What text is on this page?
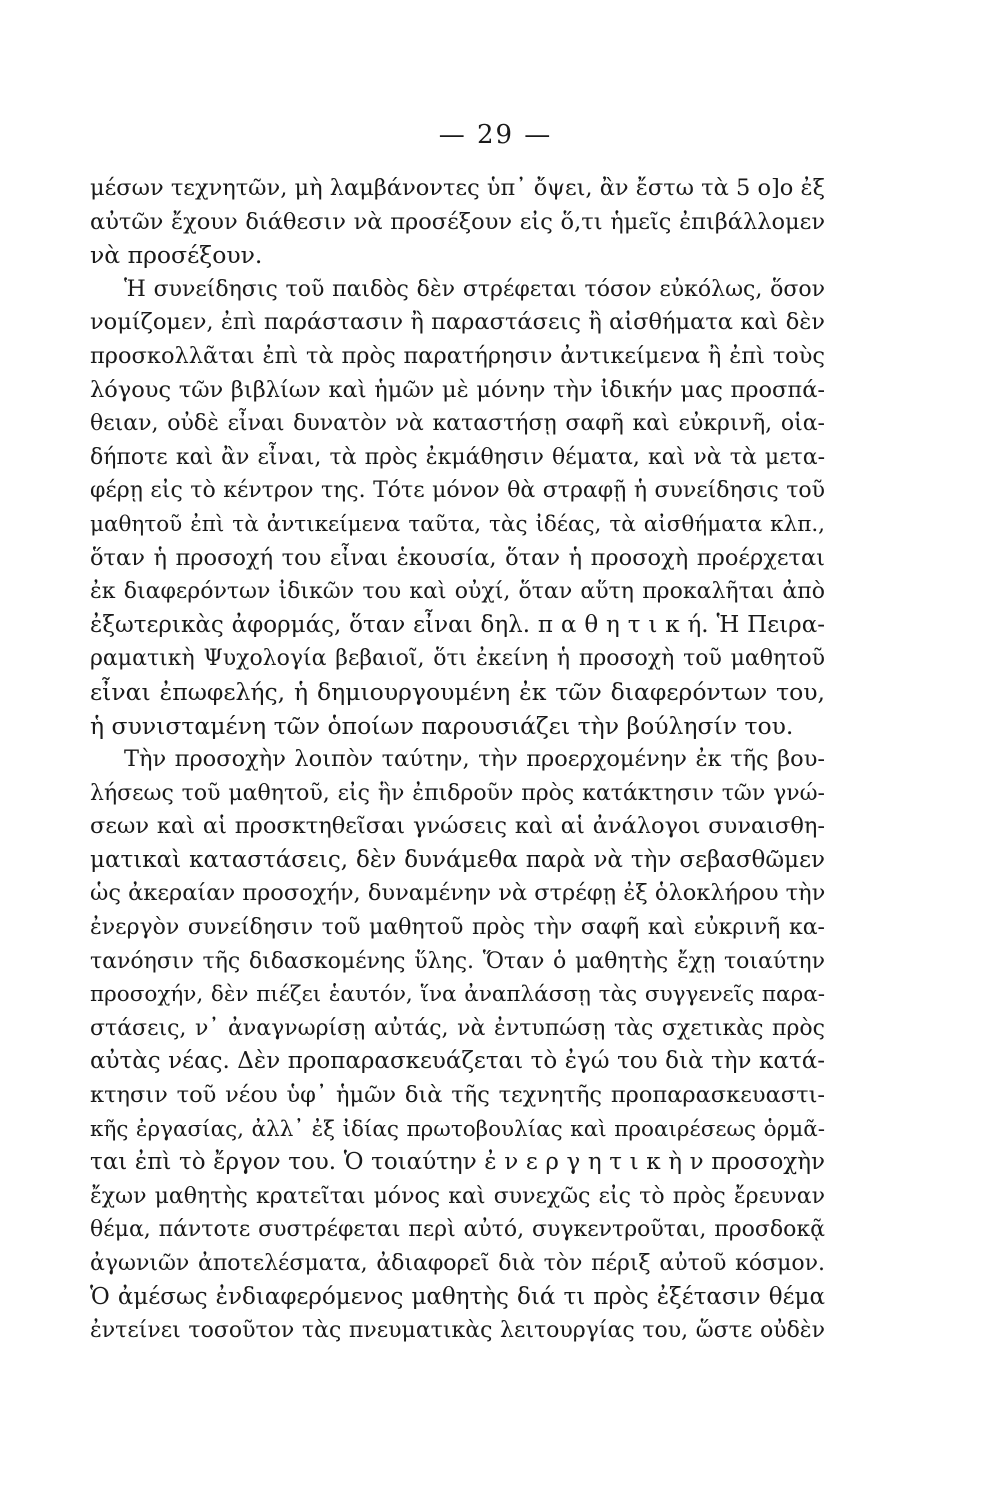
— 29 —
μέσων τεχνητῶν, μὴ λαμβάνοντες ὑπ᾽ ὄψει, ἂν ἔστω τὰ 5 ο]ο ἐξ
αὐτῶν ἔχουν διάθεσιν νὰ προσέξουν εἰς ὅ,τι ἡμεῖς ἐπιβάλλομεν
νὰ προσέξουν.
Ἡ συνείδησις τοῦ παιδὸς δὲν στρέφεται τόσον εὐκόλως, ὅσον
νομίζομεν, ἐπὶ παράστασιν ἢ παραστάσεις ἢ αἰσθήματα καὶ δὲν
προσκολλᾶται ἐπὶ τὰ πρὸς παρατήρησιν ἀντικείμενα ἢ ἐπὶ τοὺς
λόγους τῶν βιβλίων καὶ ἡμῶν μὲ μόνην τὴν ἰδικήν μας προσπά-
θειαν, οὐδὲ εἶναι δυνατὸν νὰ καταστήσῃ σαφῆ καὶ εὐκρινῆ, οἱα-
δήποτε καὶ ἂν εἶναι, τὰ πρὸς ἐκμάθησιν θέματα, καὶ νὰ τὰ μετα-
φέρῃ εἰς τὸ κέντρον της. Τότε μόνον θὰ στραφῇ ἡ συνείδησις τοῦ
μαθητοῦ ἐπὶ τὰ ἀντικείμενα ταῦτα, τὰς ἰδέας, τὰ αἰσθήματα κλπ.,
ὅταν ἡ προσοχή του εἶναι ἑκουσία, ὅταν ἡ προσοχὴ προέρχεται
ἐκ διαφερόντων ἰδικῶν του καὶ οὐχί, ὅταν αὕτη προκαλῆται ἀπὸ
ἐξωτερικὰς ἀφορμάς, ὅταν εἶναι δηλ. π α θ η τ ι κ ή. Ἡ Πειρα-
ραματικὴ Ψυχολογία βεβαιοῖ, ὅτι ἐκείνη ἡ προσοχὴ τοῦ μαθητοῦ
εἶναι ἐπωφελής, ἡ δημιουργουμένη ἐκ τῶν διαφερόντων του,
ἡ συνισταμένη τῶν ὁποίων παρουσιάζει τὴν βούλησίν του.
Τὴν προσοχὴν λοιπὸν ταύτην, τὴν προερχομένην ἐκ τῆς βου-
λήσεως τοῦ μαθητοῦ, εἰς ἣν ἐπιδροῦν πρὸς κατάκτησιν τῶν γνώ-
σεων καὶ αἱ προσκτηθεῖσαι γνώσεις καὶ αἱ ἀνάλογοι συναισθη-
ματικαὶ καταστάσεις, δὲν δυνάμεθα παρὰ νὰ τὴν σεβασθῶμεν
ὡς ἀκεραίαν προσοχήν, δυναμένην νὰ στρέφῃ ἐξ ὁλοκλήρου τὴν
ἐνεργὸν συνείδησιν τοῦ μαθητοῦ πρὸς τὴν σαφῆ καὶ εὐκρινῆ κα-
τανόησιν τῆς διδασκομένης ὕλης. Ὅταν ὁ μαθητὴς ἔχῃ τοιαύτην
προσοχήν, δὲν πιέζει ἑαυτόν, ἵνα ἀναπλάσσῃ τὰς συγγενεῖς παρα-
στάσεις, ν᾽ ἀναγνωρίσῃ αὐτάς, νὰ ἐντυπώσῃ τὰς σχετικὰς πρὸς
αὐτὰς νέας. Δὲν προπαρασκευάζεται τὸ ἐγώ του διὰ τὴν κατά-
κτησιν τοῦ νέου ὑφ᾽ ἡμῶν διὰ τῆς τεχνητῆς προπαρασκευαστι-
κῆς ἐργασίας, ἀλλ᾽ ἐξ ἰδίας πρωτοβουλίας καὶ προαιρέσεως ὁρμᾶ-
ται ἐπὶ τὸ ἔργον του. Ὁ τοιαύτην ἐ ν ε ρ γ η τ ι κ ὴ ν προσοχὴν
ἔχων μαθητὴς κρατεῖται μόνος καὶ συνεχῶς εἰς τὸ πρὸς ἔρευναν
θέμα, πάντοτε συστρέφεται περὶ αὐτό, συγκεντροῦται, προσδοκᾷ
ἀγωνιῶν ἀποτελέσματα, ἀδιαφορεῖ διὰ τὸν πέριξ αὐτοῦ κόσμον.
Ὁ ἀμέσως ἐνδιαφερόμενος μαθητὴς διά τι πρὸς ἐξέτασιν θέμα
ἐντείνει τοσοῦτον τὰς πνευματικὰς λειτουργίας του, ὥστε οὐδὲν
